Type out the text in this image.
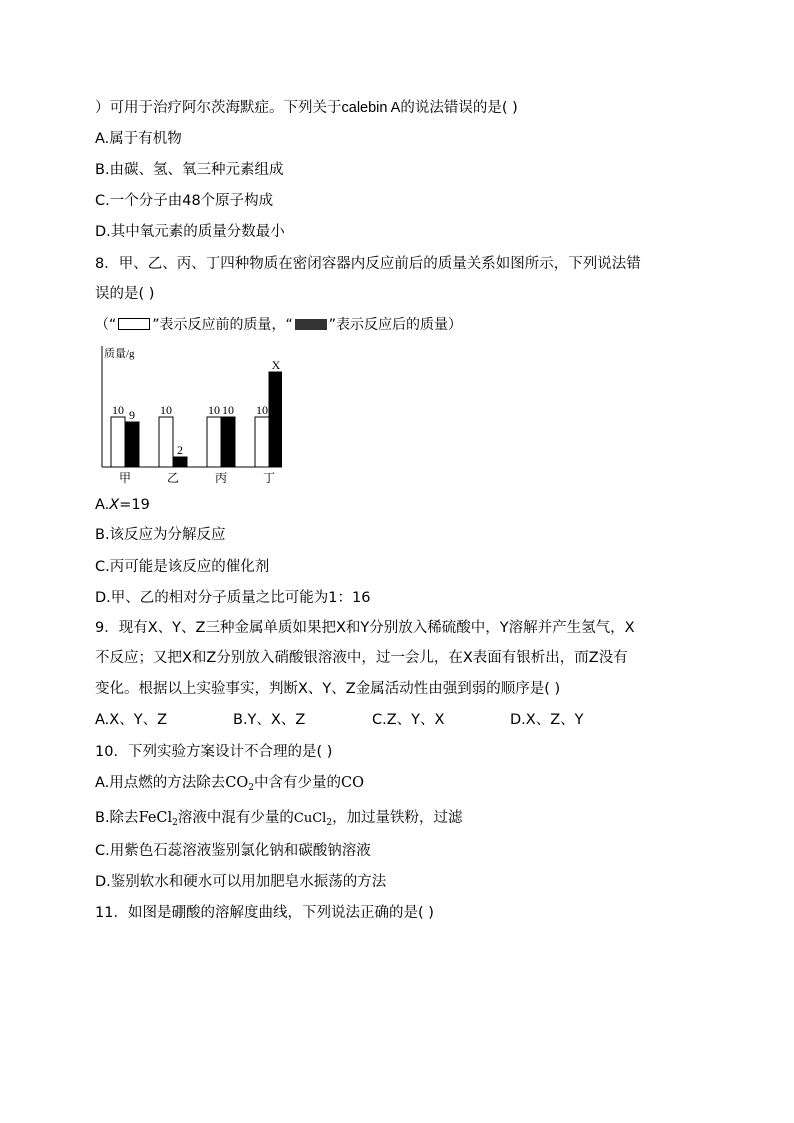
）可用于治疗阿尔茨海默症。下列关于calebin A的说法错误的是( )
A.属于有机物
B.由碳、氢、氧三种元素组成
C.一个分子由48个原子构成
D.其中氧元素的质量分数最小
8．甲、乙、丙、丁四种物质在密闭容器内反应前后的质量关系如图所示，下列说法错
误的是( )
（“	”表示反应前的质量，“	”表示反应后的质量）
质量/g
10 9
甲
10
2
乙
10 10
丙
10
X
丁
A.X=19
B.该反应为分解反应
C.丙可能是该反应的催化剂
D.甲、乙的相对分子质量之比可能为1：16
9．现有X、Y、Z三种金属单质如果把X和Y分别放入稀硫酸中，Y溶解并产生氢气，X
不反应；又把X和Z分别放入硝酸银溶液中，过一会儿，在X表面有银析出，而Z没有
变化。根据以上实验事实，判断X、Y、Z金属活动性由强到弱的顺序是( )
A.X、Y、Z	B.Y、X、Z	C.Z、Y、X	D.X、Z、Y
10．下列实验方案设计不合理的是( )
A.用点燃的方法除去$CO_2$中含有少量的CO
B.除去FeCl$_2$溶液中混有少量的CuCl$_2$，加过量铁粉，过滤
C.用紫色石蕊溶液鉴别氯化钠和碳酸钠溶液
D.鉴别软水和硬水可以用加肥皂水振荡的方法
11．如图是硼酸的溶解度曲线，下列说法正确的是( )
